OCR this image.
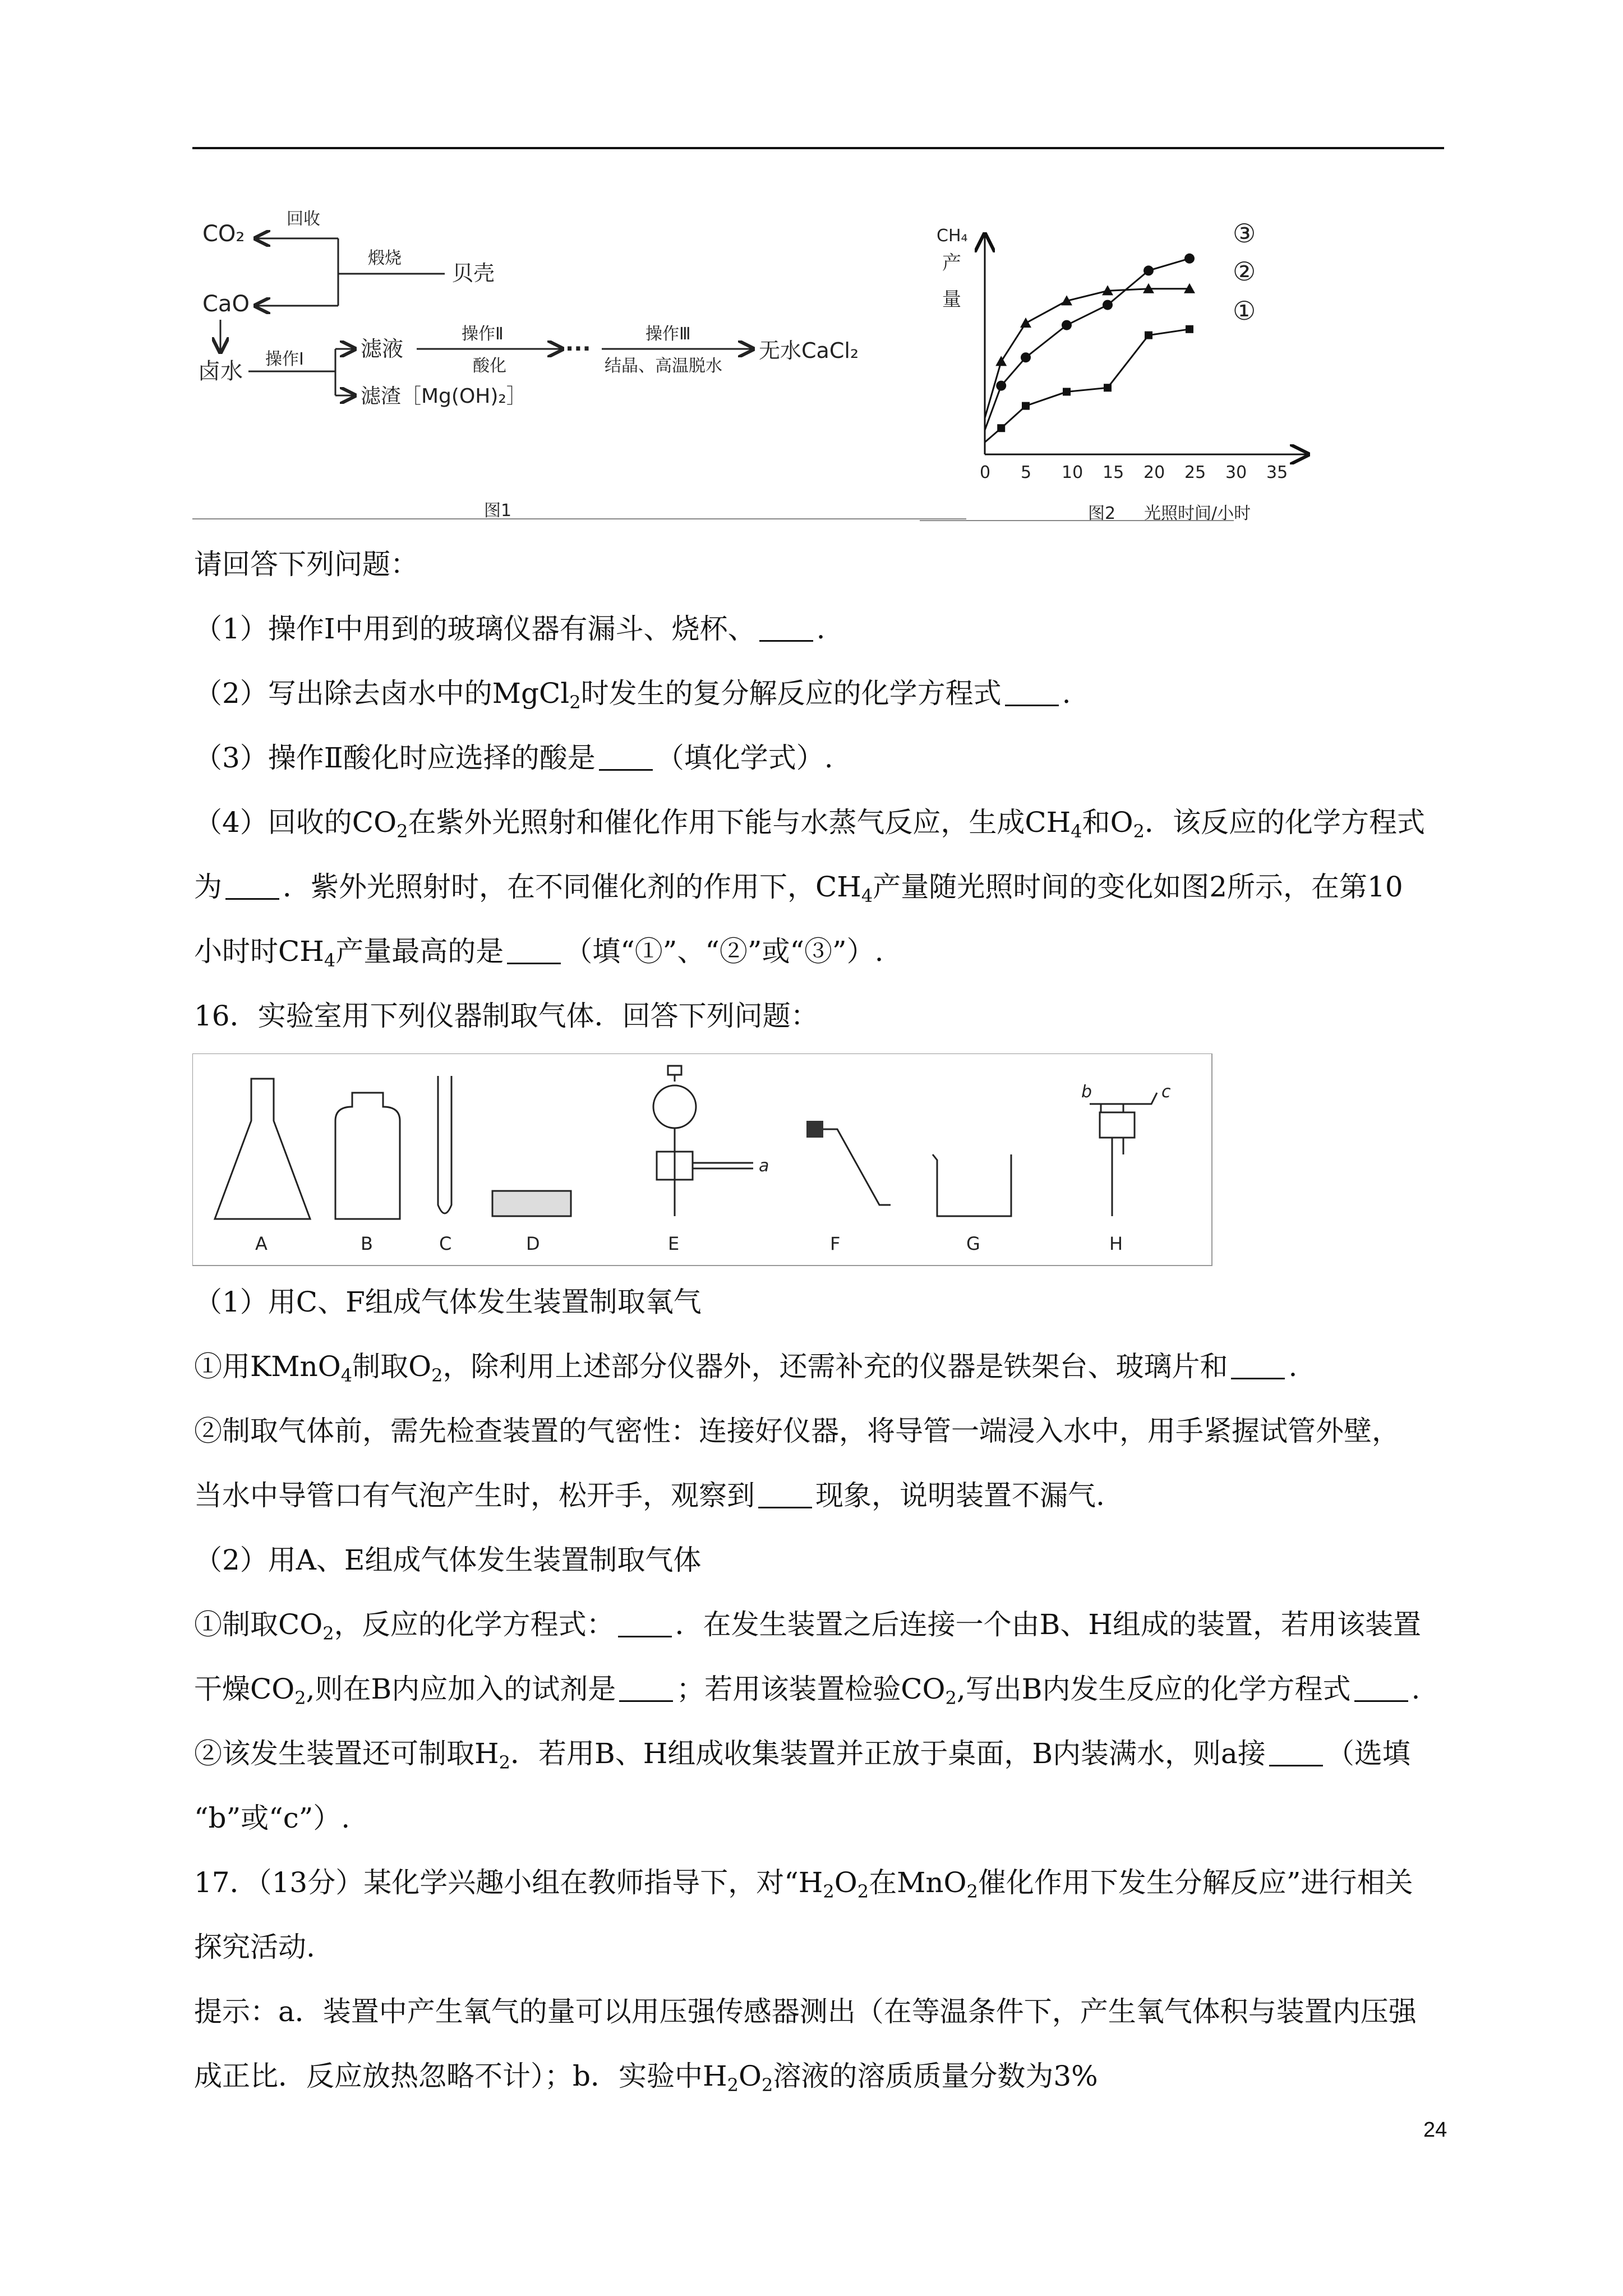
CO₂
回收
煅烧
贝壳
CaO
卤水 操作Ⅰ	滤液
操作Ⅱ
酸化
···
操作Ⅲ
结晶、高温脱水
无水CaCl₂
滤渣［Mg(OH)₂］
图1
CH₄
产
量
0 5 10 15 20 25 30 35
③
②
①
图2 光照时间/小时
请回答下列问题：
（1）操作Ⅰ中用到的玻璃仪器有漏斗、烧杯、 .
（2）写出除去卤水中的MgCl$_2$时发生的复分解反应的化学方程式 .
（3）操作Ⅱ酸化时应选择的酸是 （填化学式）.
（4）回收的$CO_2$在紫外光照射和催化作用下能与水蒸气反应，生成$CH_4$和$O_2$．该反应的化学方程式
为 ．紫外光照射时，在不同催化剂的作用下，$CH_4$产量随光照时间的变化如图2所示，在第10
小时时$CH_4$产量最高的是 （填“①”、“②”或“③”）.
16．实验室用下列仪器制取气体．回答下列问题：
A	B	C	D
a
E	F	G
b	c
H
（1）用C、F组成气体发生装置制取氧气
①用KMnO$_4$制取$O_2$，除利用上述部分仪器外，还需补充的仪器是铁架台、玻璃片和 .
②制取气体前，需先检查装置的气密性：连接好仪器，将导管一端浸入水中，用手紧握试管外壁，
当水中导管口有气泡产生时，松开手，观察到 现象，说明装置不漏气.
（2）用A、E组成气体发生装置制取气体
①制取$CO_2$，反应的化学方程式： ．在发生装置之后连接一个由B、H组成的装置，若用该装置
干燥$CO_2$,则在B内应加入的试剂是 ；若用该装置检验$CO_2$,写出B内发生反应的化学方程式 .
②该发生装置还可制取$H_2$．若用B、H组成收集装置并正放于桌面，B内装满水，则a接 （选填
“b”或“c”）.
17．（13分）某化学兴趣小组在教师指导下，对“$H_2O_2$在MnO$_2$催化作用下发生分解反应”进行相关
探究活动.
提示：a．装置中产生氧气的量可以用压强传感器测出（在等温条件下，产生氧气体积与装置内压强
成正比．反应放热忽略不计）；b．实验中$H_2O_2$溶液的溶质质量分数为3%
24
